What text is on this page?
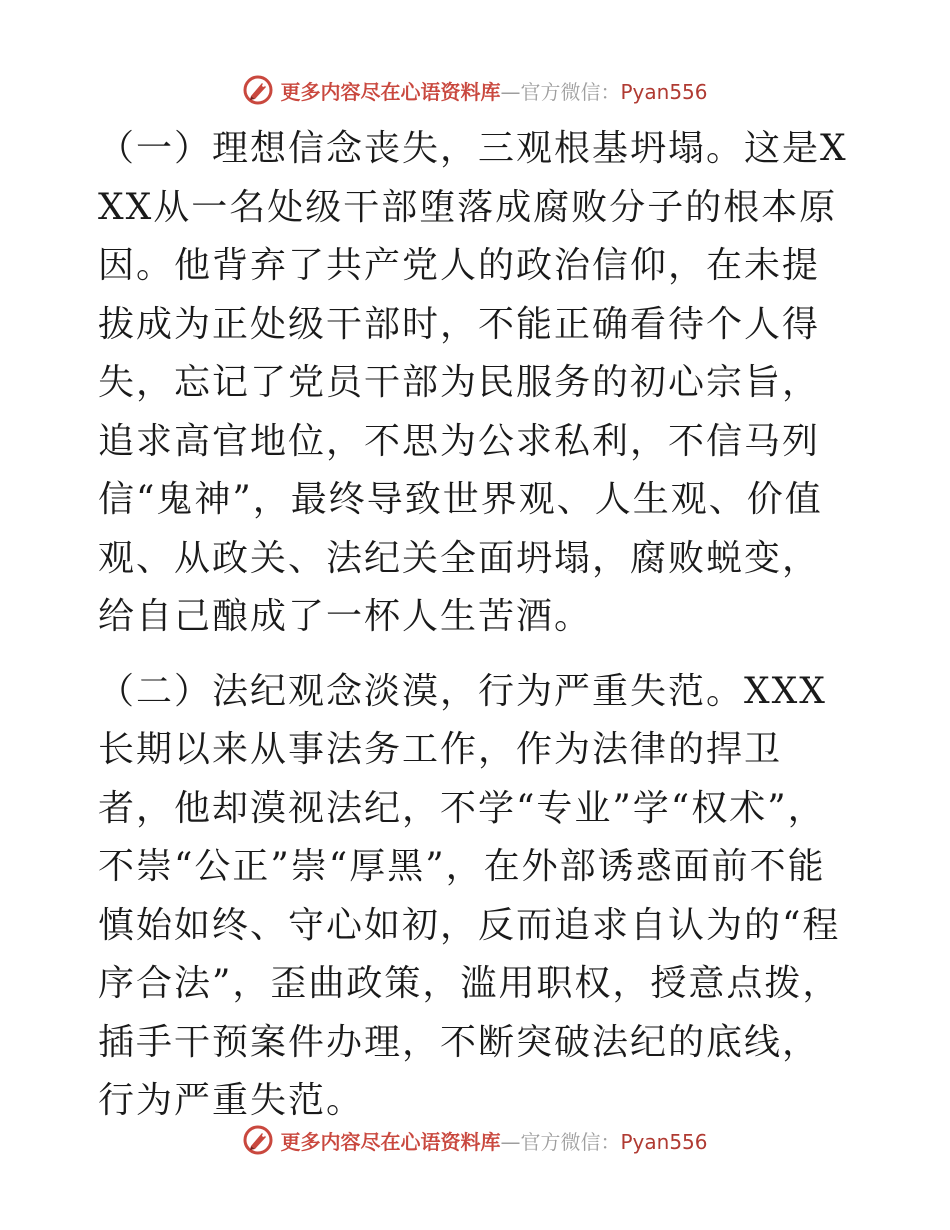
更多内容尽在心语资料库—官方微信：Pyan556

（一）理想信念丧失，三观根基坍塌。这是XXX从一名处级干部堕落成腐败分子的根本原因。他背弃了共产党人的政治信仰，在未提拔成为正处级干部时，不能正确看待个人得失，忘记了党员干部为民服务的初心宗旨，追求高官地位，不思为公求私利，不信马列信“鬼神”，最终导致世界观、人生观、价值观、从政关、法纪关全面坍塌，腐败蜕变，给自己酿成了一杯人生苦酒。

（二）法纪观念淡漠，行为严重失范。XXX长期以来从事法务工作，作为法律的捍卫者，他却漠视法纪，不学“专业”学“权术”，不崇“公正”崇“厚黑”，在外部诱惑面前不能慎始如终、守心如初，反而追求自认为的“程序合法”，歪曲政策，滥用职权，授意点拨，插手干预案件办理，不断突破法纪的底线，行为严重失范。

更多内容尽在心语资料库—官方微信：Pyan556
